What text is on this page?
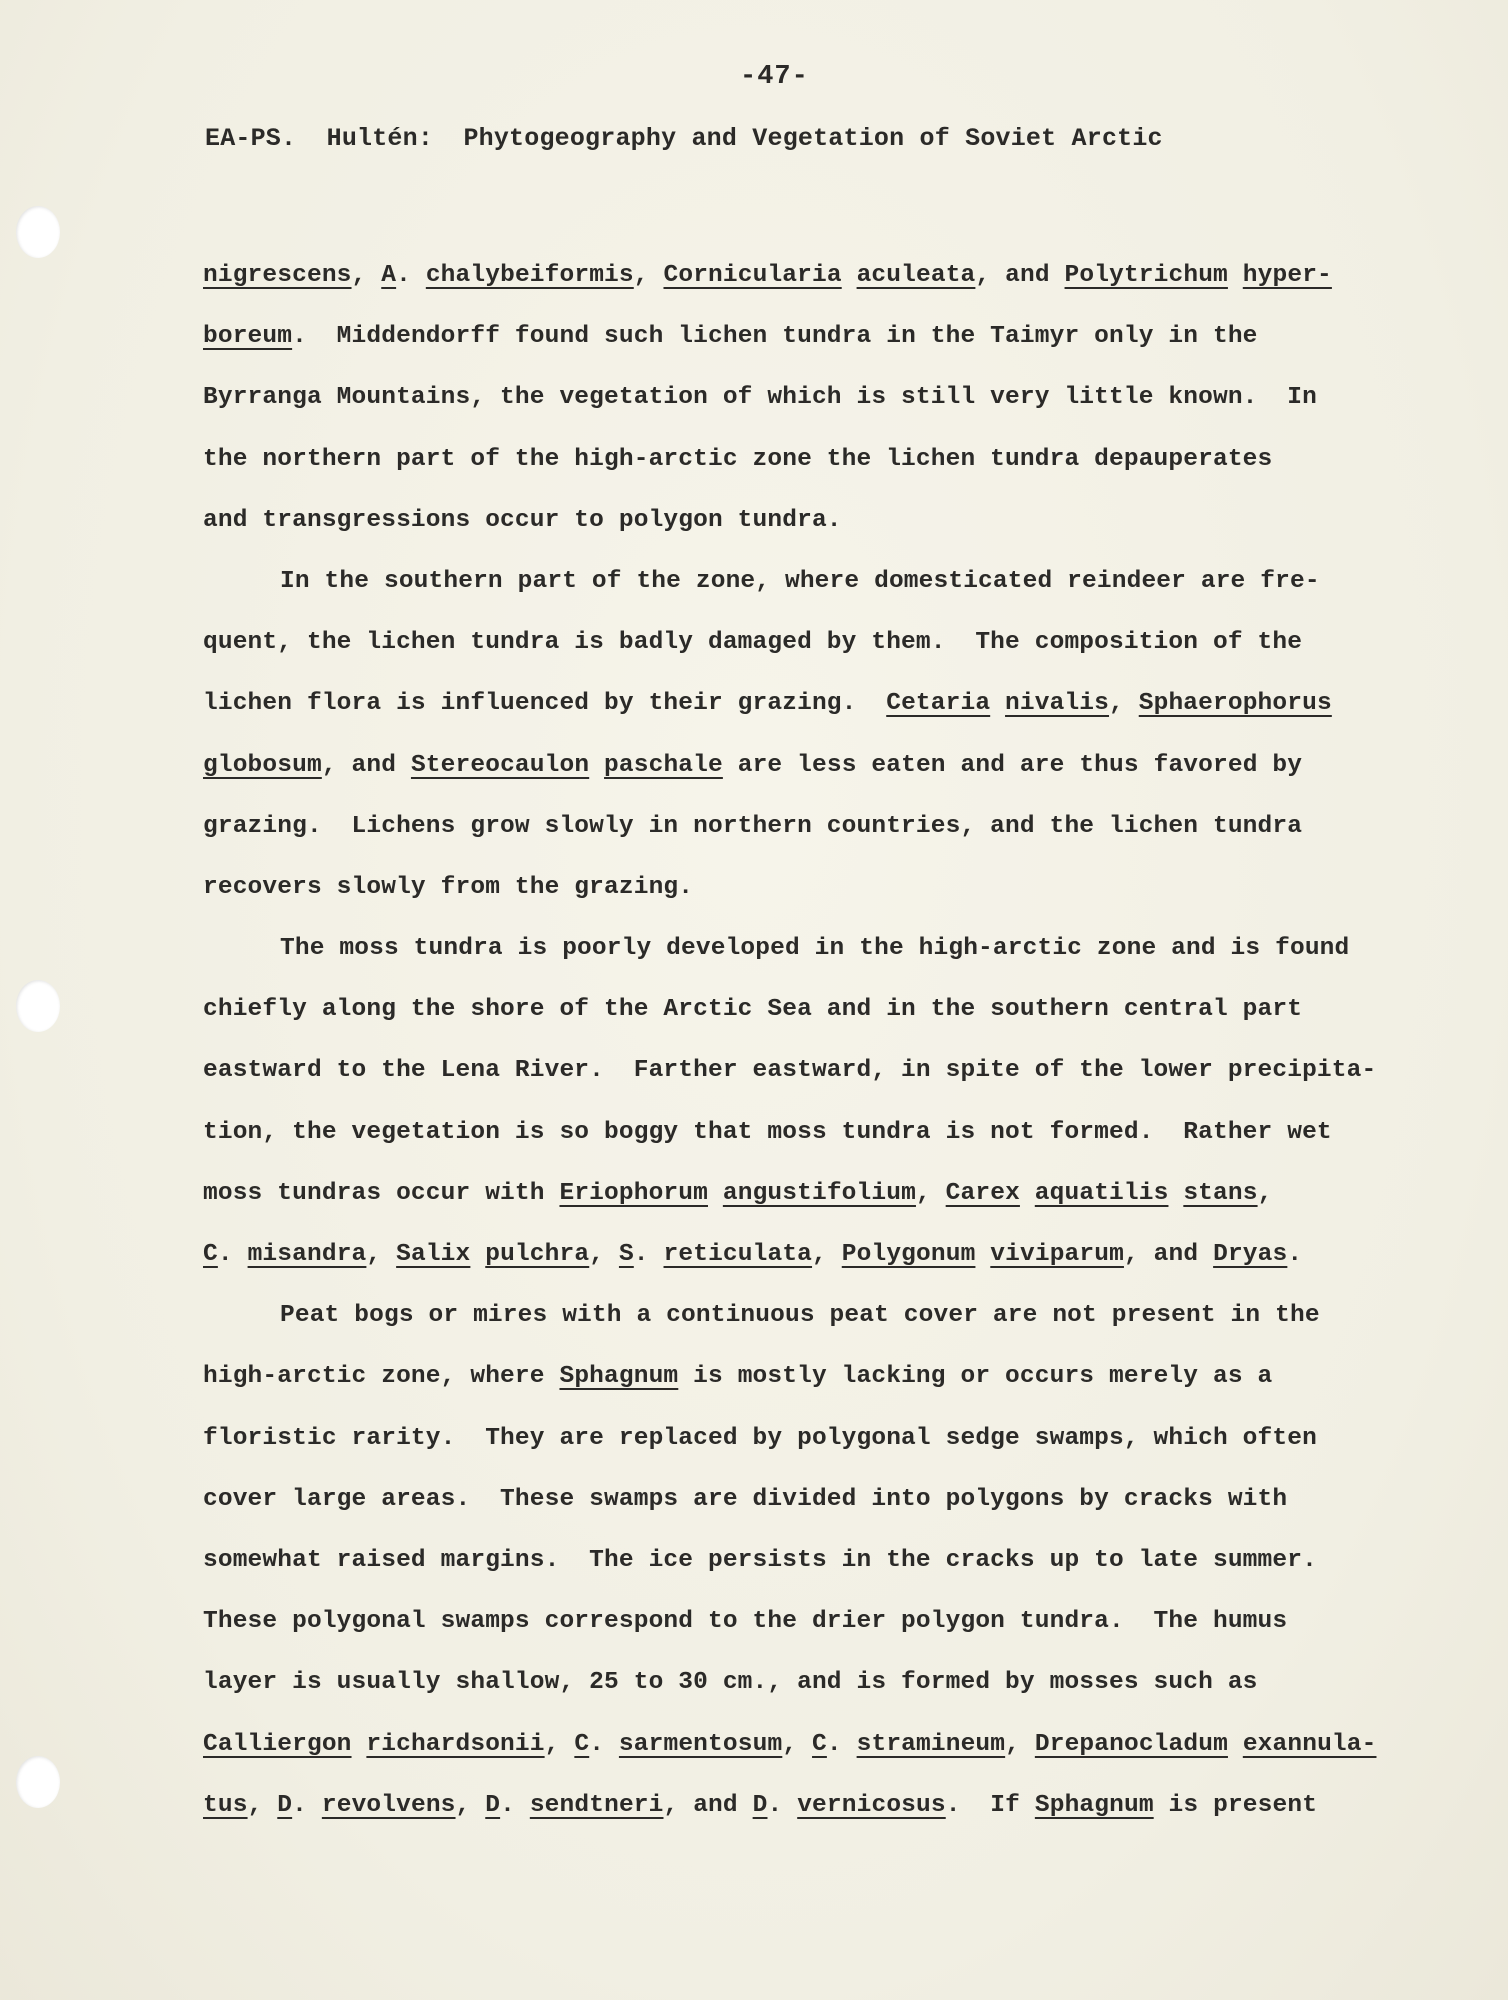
-47-
EA-PS.  Hultén:  Phytogeography and Vegetation of Soviet Arctic
nigrescens, A. chalybeiformis, Cornicularia aculeata, and Polytrichum hyper-
boreum.  Middendorff found such lichen tundra in the Taimyr only in the
Byrranga Mountains, the vegetation of which is still very little known.  In
the northern part of the high-arctic zone the lichen tundra depauperates
and transgressions occur to polygon tundra.
In the southern part of the zone, where domesticated reindeer are fre-
quent, the lichen tundra is badly damaged by them.  The composition of the
lichen flora is influenced by their grazing.  Cetaria nivalis, Sphaerophorus
globosum, and Stereocaulon paschale are less eaten and are thus favored by
grazing.  Lichens grow slowly in northern countries, and the lichen tundra
recovers slowly from the grazing.
The moss tundra is poorly developed in the high-arctic zone and is found
chiefly along the shore of the Arctic Sea and in the southern central part
eastward to the Lena River.  Farther eastward, in spite of the lower precipita-
tion, the vegetation is so boggy that moss tundra is not formed.  Rather wet
moss tundras occur with Eriophorum angustifolium, Carex aquatilis stans,
C. misandra, Salix pulchra, S. reticulata, Polygonum viviparum, and Dryas.
Peat bogs or mires with a continuous peat cover are not present in the
high-arctic zone, where Sphagnum is mostly lacking or occurs merely as a
floristic rarity.  They are replaced by polygonal sedge swamps, which often
cover large areas.  These swamps are divided into polygons by cracks with
somewhat raised margins.  The ice persists in the cracks up to late summer.
These polygonal swamps correspond to the drier polygon tundra.  The humus
layer is usually shallow, 25 to 30 cm., and is formed by mosses such as
Calliergon richardsonii, C. sarmentosum, C. stramineum, Drepanocladum exannula-
tus, D. revolvens, D. sendtneri, and D. vernicosus.  If Sphagnum is present
